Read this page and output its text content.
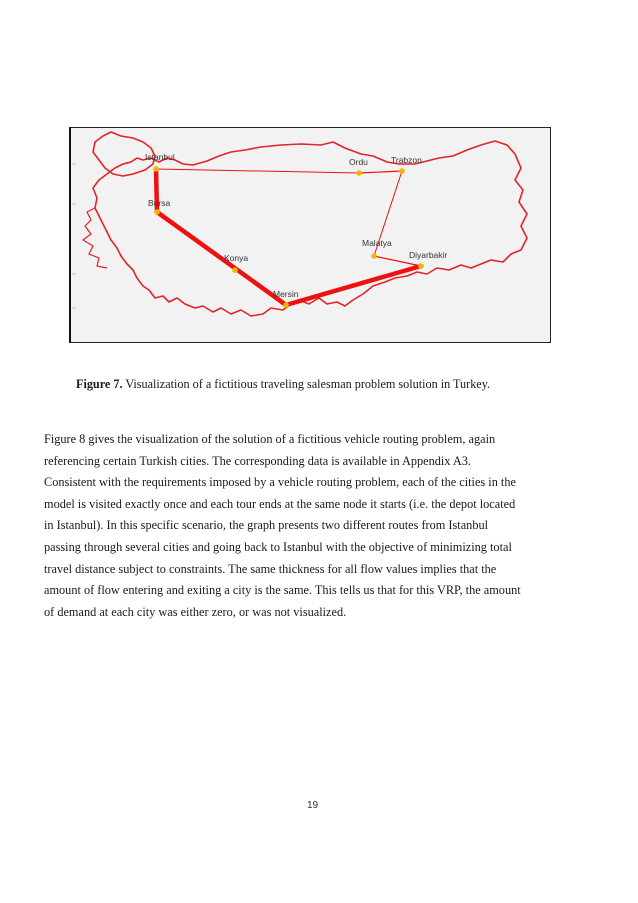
Istanbul
Bursa
Konya
Mersin
Ordu	Trabzon
Malatya
Diyarbakir
Figure 7. Visualization of a fictitious traveling salesman problem solution in Turkey.
Figure 8 gives the visualization of the solution of a fictitious vehicle routing problem, again
referencing certain Turkish cities. The corresponding data is available in Appendix A3.
Consistent with the requirements imposed by a vehicle routing problem, each of the cities in the
model is visited exactly once and each tour ends at the same node it starts (i.e. the depot located
in Istanbul). In this specific scenario, the graph presents two different routes from Istanbul
passing through several cities and going back to Istanbul with the objective of minimizing total
travel distance subject to constraints. The same thickness for all flow values implies that the
amount of flow entering and exiting a city is the same. This tells us that for this VRP, the amount
of demand at each city was either zero, or was not visualized.
19
